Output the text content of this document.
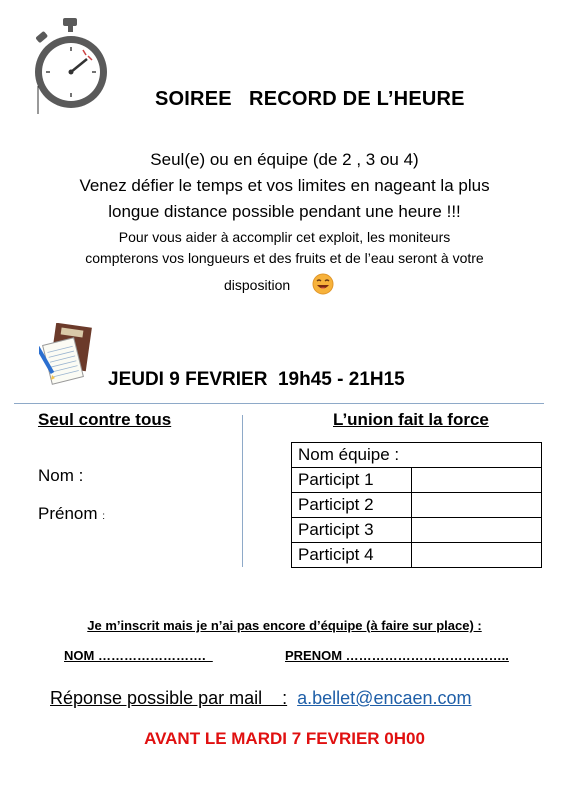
SOIREE   RECORD DE L’HEURE
Seul(e) ou en équipe (de 2 , 3 ou 4)
Venez défier le temps et vos limites en nageant la plus
longue distance possible pendant une heure !!!
Pour vous aider à accomplir cet exploit, les moniteurs
compterons vos longueurs et des fruits et de l’eau seront à votre
disposition
JEUDI 9 FEVRIER  19h45 - 21H15
Seul contre tous
Nom :
Prénom :
L’union fait la force
Nom équipe :	
Participt 1	
Participt 2	
Participt 3	
Participt 4	
Je m’inscrit mais je n’ai pas encore d’équipe (à faire sur place) :
NOM …………………….	PRENOM ………………………………..
Réponse possible par mail    : a.bellet@encaen.com
AVANT LE MARDI 7 FEVRIER 0H00
